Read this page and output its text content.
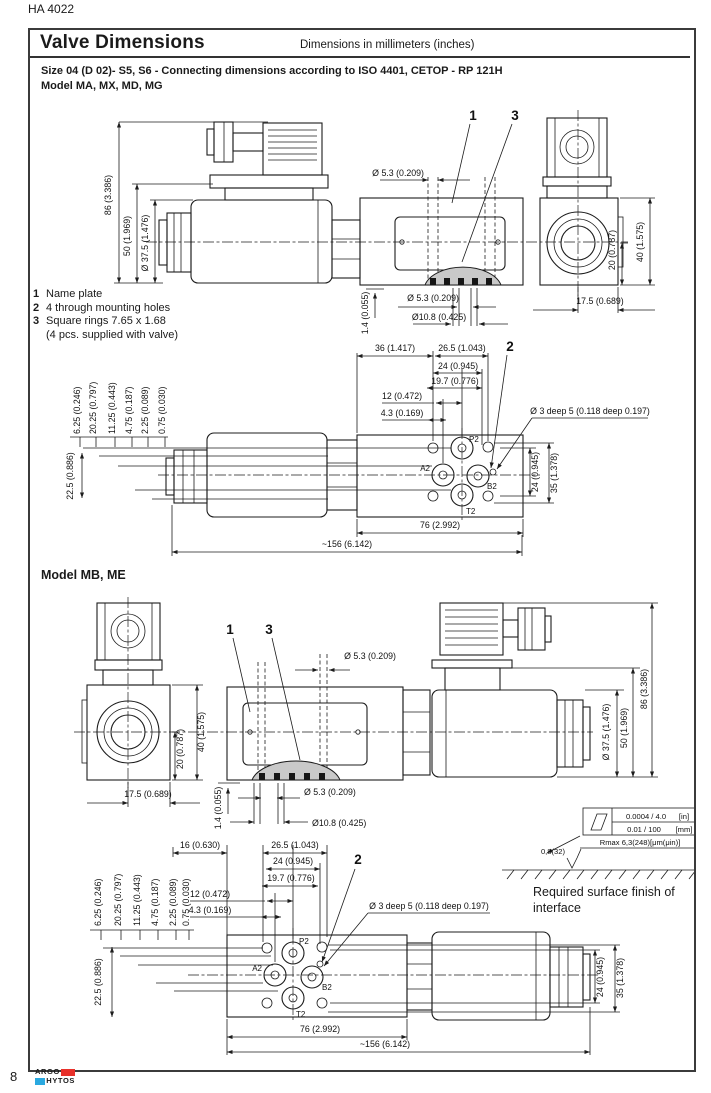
Ø 5.3 (0.209)
1	3
Ø 5.3 (0.209)
Ø10.8 (0.425)
1.4 (0.055)
86 (3.386)
50 (1.969) Ø 37.5 (1.476)	20 (0.787) 40 (1.575)
17.5 (0.689)
P2
A2
B2
T2
6.25 (0.246) 20.25 (0.797) 11.25 (0.443) 4.75 (0.187) 2.25 (0.089) 0.75 (0.030)
22.5 (0.886)
36 (1.417)	26.5 (1.043)
24 (0.945)
19.7 (0.776)
12 (0.472)
4.3 (0.169)
2
Ø 3 deep 5 (0.118 deep 0.197)
24 (0.945) 35 (1.378)
76 (2.992)
~156 (6.142)
20 (0.787) 40 (1.575)
17.5 (0.689)
Ø 5.3 (0.209)
1 3
Ø 5.3 (0.209)
Ø10.8 (0.425)
1.4 (0.055)
Ø 37.5 (1.476) 50 (1.969)
86 (3.386)
0.0004 / 4.0 [in]
0.01 / 100 [mm]
Rmax 6,3(248)[μm(μin)]
0,8(32)
P2
A2
B2
T2
6.25 (0.246) 20.25 (0.797) 11.25 (0.443) 4.75 (0.187) 2.25 (0.089) 0.75 (0.030)
22.5 (0.886)
16 (0.630)	26.5 (1.043)
24 (0.945)
19.7 (0.776)
12 (0.472)
4.3 (0.169)
2
Ø 3 deep 5 (0.118 deep 0.197)
24 (0.945) 35 (1.378)
76 (2.992)
~156 (6.142)
HA 4022
Valve Dimensions	Dimensions in millimeters (inches)
Size 04 (D 02)- S5, S6 - Connecting dimensions according to ISO 4401, CETOP - RP 121H
Model MA, MX, MD, MG
1 Name plate
2 4 through mounting holes
3 Square rings 7.65 x 1.68
(4 pcs. supplied with valve)
Model MB, ME
Required surface finish of
interface
8 ARGO
HYTOS
